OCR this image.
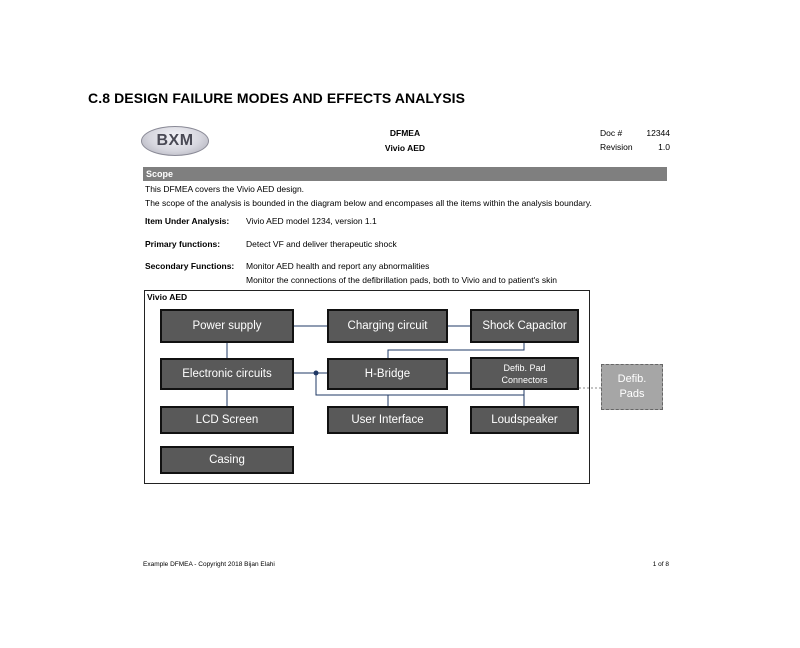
C.8 DESIGN FAILURE MODES AND EFFECTS ANALYSIS
BXM	DFMEA
Vivio AED
Doc #	12344
Revision	1.0
Scope
This DFMEA covers the Vivio AED design.
The scope of the analysis is bounded in the diagram below and encompases all the items within the analysis boundary.
Item Under Analysis: Vivio AED model 1234, version 1.1
Primary functions:	Detect VF and deliver therapeutic shock
Secondary Functions: Monitor AED health and report any abnormalities
Monitor the connections of the defibrillation pads, both to Vivio and to patient's skin
Vivio AED
Power supply	Charging circuit	Shock Capacitor
Electronic circuits	H-Bridge
Defib. Pad
Connectors
LCD Screen	User Interface	Loudspeaker
Casing
Defib.
Pads
Example DFMEA - Copyright 2018 Bijan Elahi	1 of 8
